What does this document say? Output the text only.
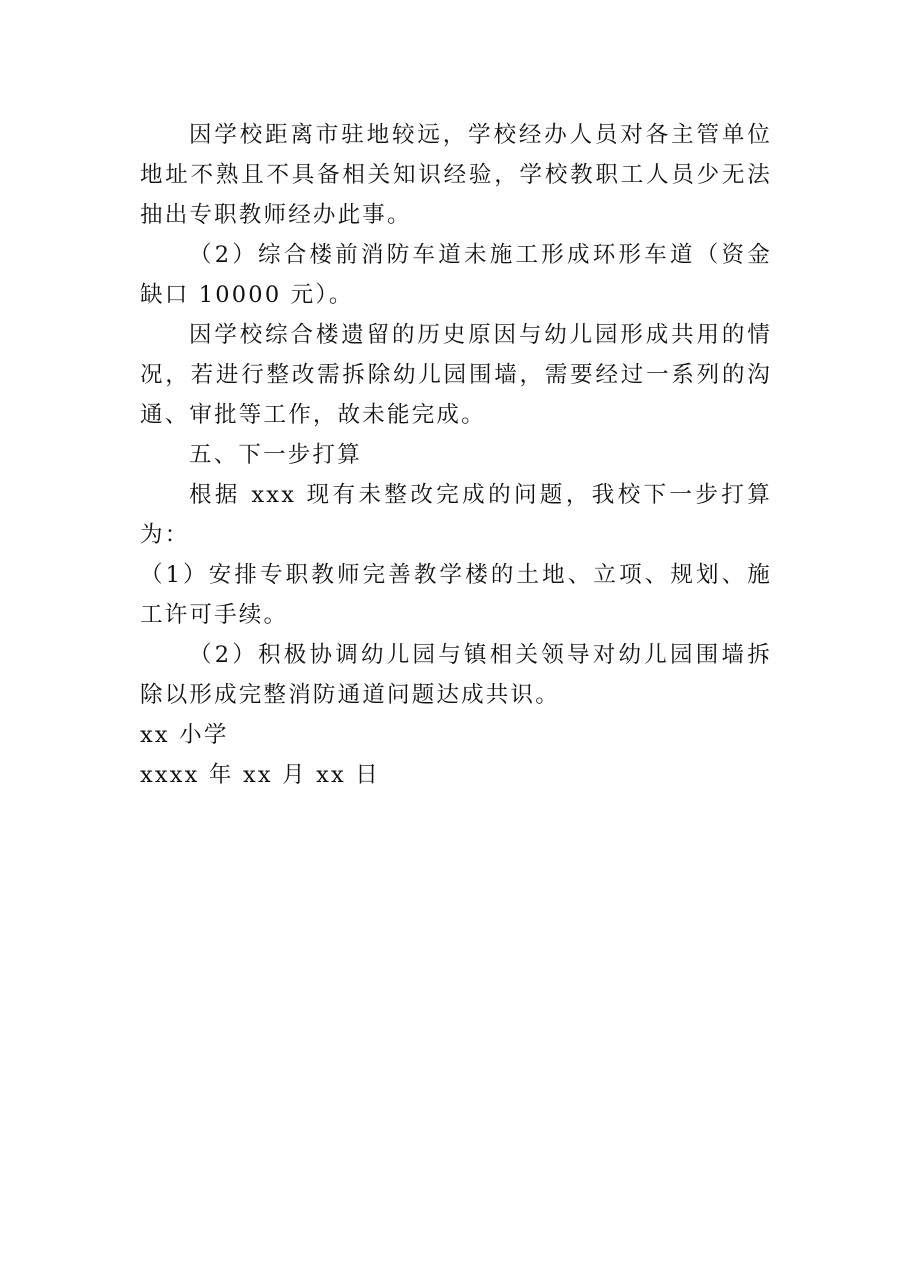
因学校距离市驻地较远，学校经办人员对各主管单位地址不熟且不具备相关知识经验，学校教职工人员少无法抽出专职教师经办此事。

（2）综合楼前消防车道未施工形成环形车道（资金缺口 10000 元）。

因学校综合楼遗留的历史原因与幼儿园形成共用的情况，若进行整改需拆除幼儿园围墙，需要经过一系列的沟通、审批等工作，故未能完成。

五、下一步打算

根据 xxx 现有未整改完成的问题，我校下一步打算为：

（1）安排专职教师完善教学楼的土地、立项、规划、施工许可手续。

（2）积极协调幼儿园与镇相关领导对幼儿园围墙拆除以形成完整消防通道问题达成共识。

xx 小学

xxxx 年 xx 月 xx 日
